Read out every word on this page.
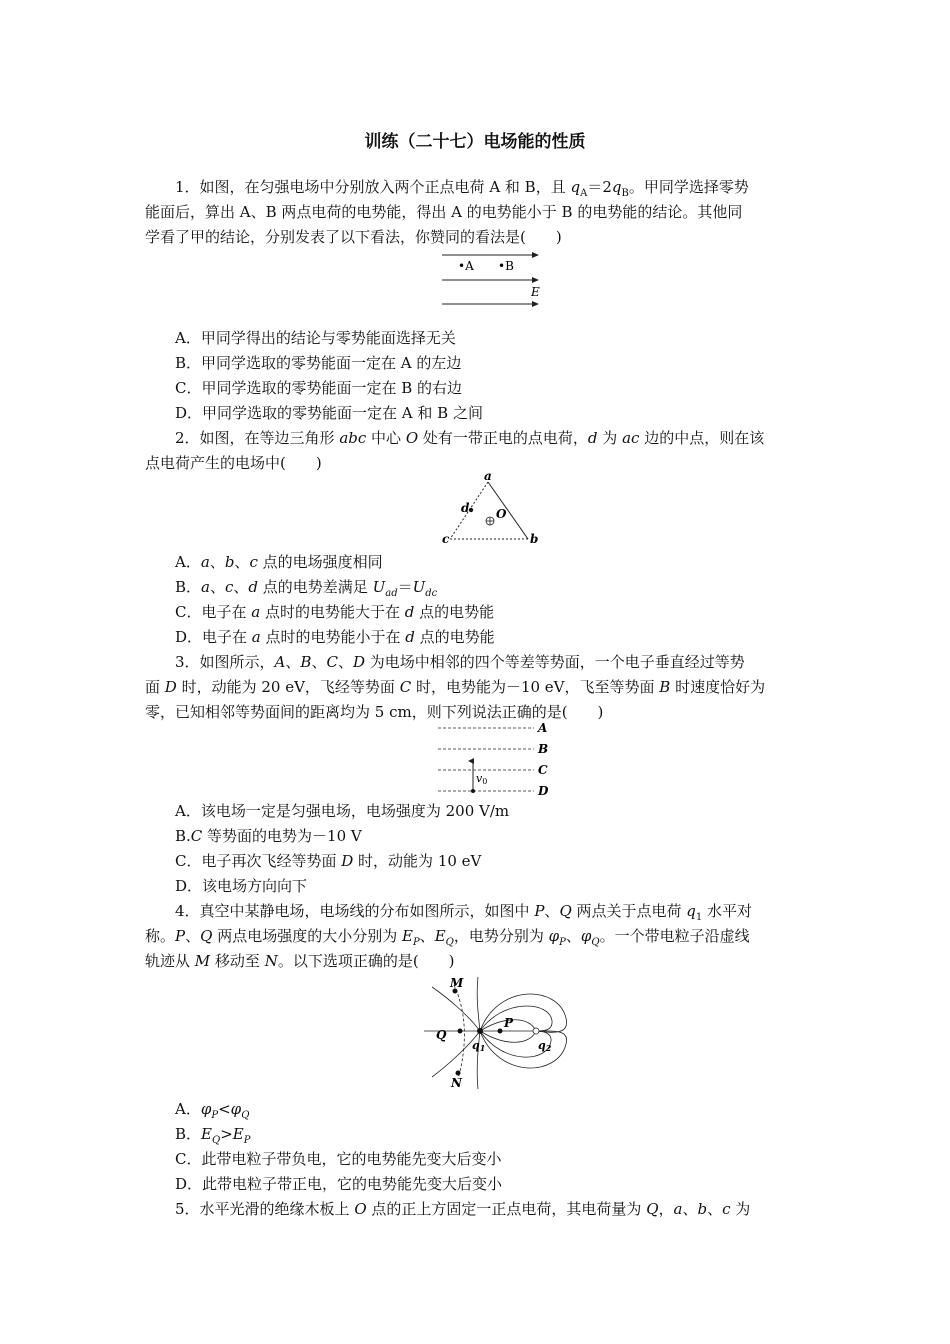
训练（二十七）电场能的性质
1．如图，在匀强电场中分别放入两个正点电荷 A 和 B，且 $q_A=2q_B$。甲同学选择零势
能面后，算出 A、B 两点电荷的电势能，得出 A 的电势能小于 B 的电势能的结论。其他同
学看了甲的结论，分别发表了以下看法，你赞同的看法是(　　)
•A •B
E
A．甲同学得出的结论与零势能面选择无关
B．甲同学选取的零势能面一定在 A 的左边
C．甲同学选取的零势能面一定在 B 的右边
D．甲同学选取的零势能面一定在 A 和 B 之间
2．如图，在等边三角形 abc 中心 O 处有一带正电的点电荷，d 为 ac 边的中点，则在该
点电荷产生的电场中(　　)
a
d O
c	b
A．a、b、c 点的电场强度相同
B．a、c、d 点的电势差满足 $U_{ad}=U_{dc}$
C．电子在 a 点时的电势能大于在 d 点的电势能
D．电子在 a 点时的电势能小于在 d 点的电势能
3．如图所示，A、B、C、D 为电场中相邻的四个等差等势面，一个电子垂直经过等势
面 D 时，动能为 20 eV，飞经等势面 C 时，电势能为－10 eV，飞至等势面 B 时速度恰好为
零，已知相邻等势面间的距离均为 5 cm，则下列说法正确的是(　　)
v0
A
B
C
D
A．该电场一定是匀强电场，电场强度为 200 V/m
B.C 等势面的电势为－10 V
C．电子再次飞经等势面 D 时，动能为 10 eV
D．该电场方向向下
4．真空中某静电场，电场线的分布如图所示，如图中 P、Q 两点关于点电荷 $q_1$ 水平对
称。P、Q 两点电场强度的大小分别为 $E_P$、$E_Q$，电势分别为 $\varphi_P$、$\varphi_Q$。一个带电粒子沿虚线
轨迹从 M 移动至 N。以下选项正确的是(　　)
M
P
Q
N
q1	q2
A．$\varphi_P<\varphi_Q$
B．$E_Q>E_P$
C．此带电粒子带负电，它的电势能先变大后变小
D．此带电粒子带正电，它的电势能先变大后变小
5．水平光滑的绝缘木板上 O 点的正上方固定一正点电荷，其电荷量为 Q，a、b、c 为
